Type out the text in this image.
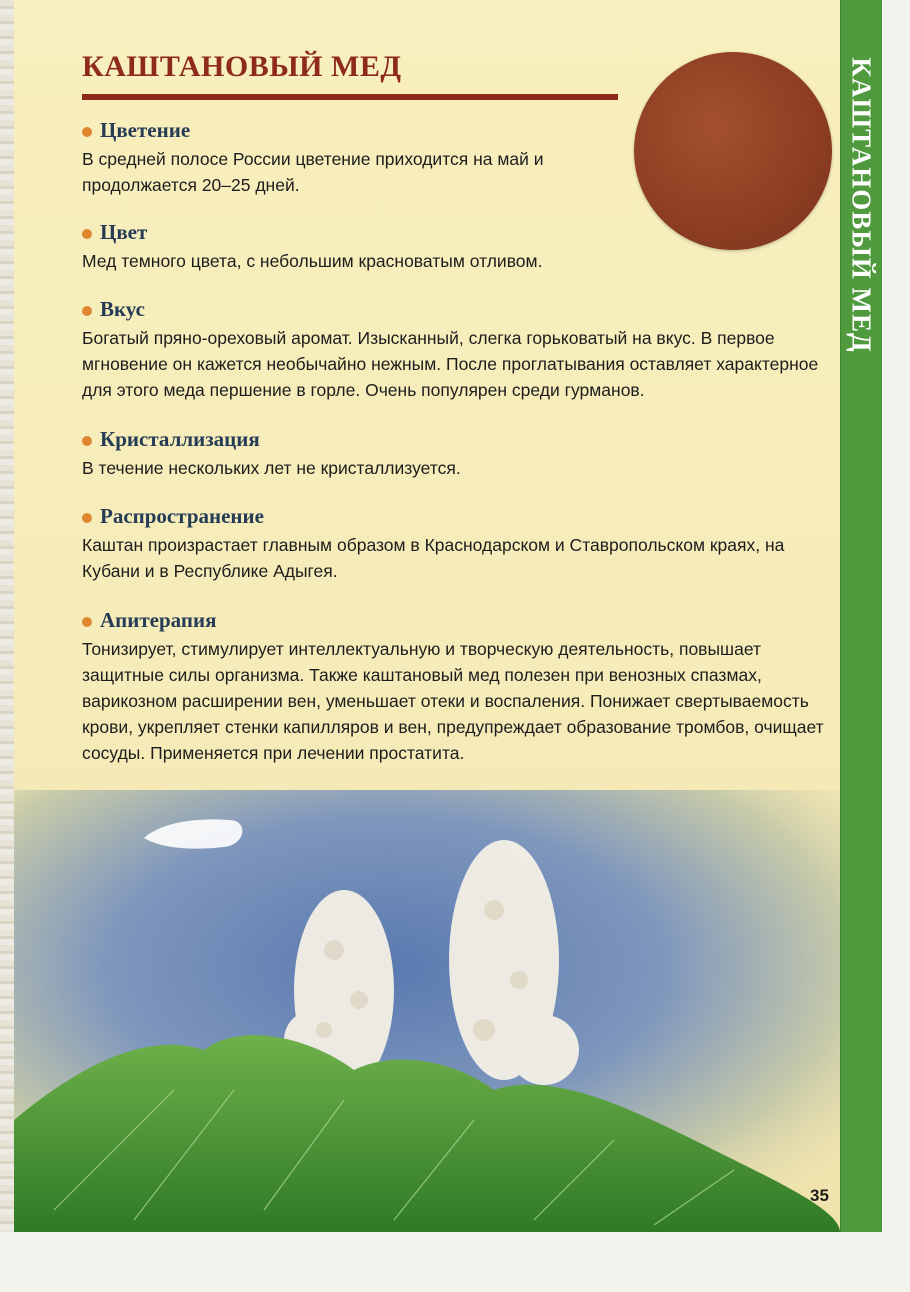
КАШТАНОВЫЙ МЕД
Цветение

В средней полосе России цветение приходится на май и продолжается 20–25 дней.

Цвет

Мед темного цвета, с небольшим красноватым отливом.

Вкус

Богатый пряно-ореховый аромат. Изысканный, слегка горьковатый на вкус. В первое мгновение он кажется необычайно нежным. После проглатывания оставляет характерное для этого меда першение в горле. Очень популярен среди гурманов.

Кристаллизация

В течение нескольких лет не кристаллизуется.

Распространение

Каштан произрастает главным образом в Краснодарском и Ставропольском краях, на Кубани и в Республике Адыгея.

Апитерапия

Тонизирует, стимулирует интеллектуальную и творческую деятельность, повышает защитные силы организма. Также каштановый мед полезен при венозных спазмах, варикозном расширении вен, уменьшает отеки и воспаления. Понижает свертываемость крови, укрепляет стенки капилляров и вен, предупреждает образование тромбов, очищает сосуды. Применяется при лечении простатита.

35
КАШТАНОВЫЙ МЕД
